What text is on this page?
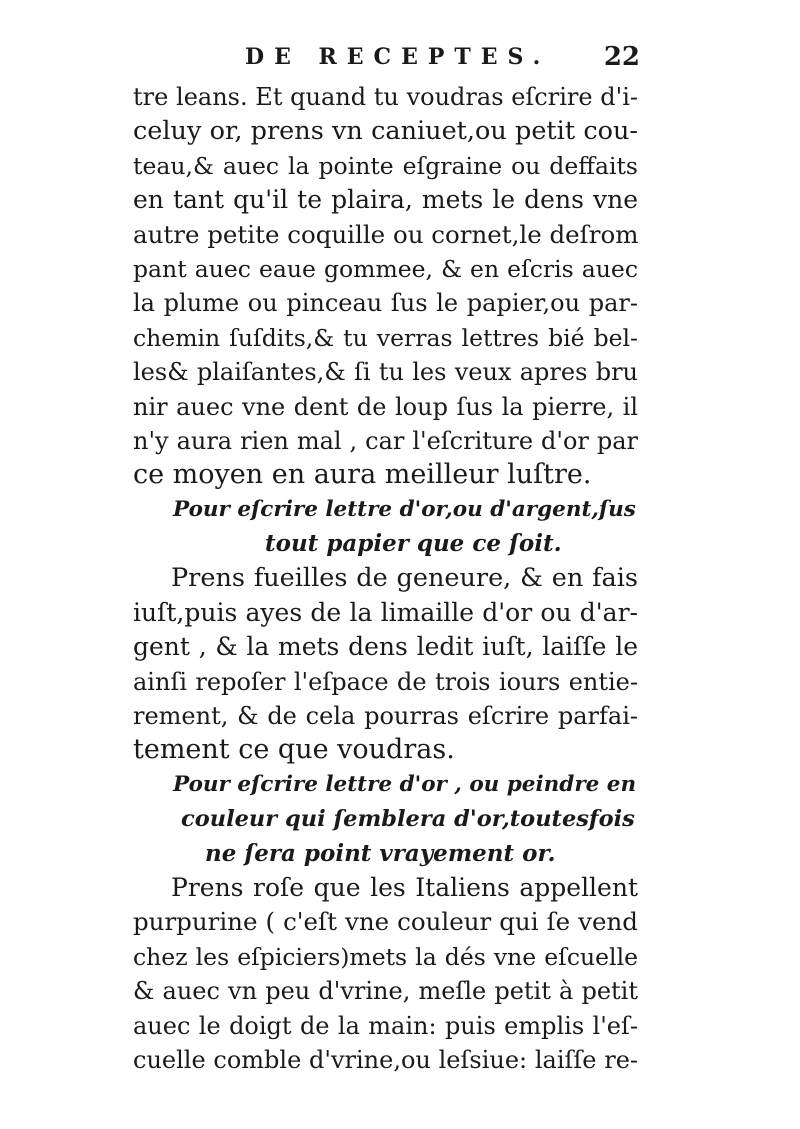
DE RECEPTES. 22
tre leans. Et quand tu voudras eſcrire d'i-
celuy or, prens vn caniuet,ou petit cou-
teau,& auec la pointe eſgraine ou deffaits
en tant qu'il te plaira, mets le dens vne
autre petite coquille ou cornet,le deſrom
pant auec eaue gommee, & en eſcris auec
la plume ou pinceau ſus le papier,ou par-
chemin ſuſdits,& tu verras lettres bié bel-
les& plaiſantes,& ſi tu les veux apres bru
nir auec vne dent de loup ſus la pierre, il
n'y aura rien mal , car l'eſcriture d'or par
ce moyen en aura meilleur luſtre.
Pour eſcrire lettre d'or,ou d'argent,ſus
tout papier que ce ſoit.
Prens fueilles de geneure, & en fais
iuſt,puis ayes de la limaille d'or ou d'ar-
gent , & la mets dens ledit iuſt, laiſſe le
ainſi repoſer l'eſpace de trois iours entie-
rement, & de cela pourras eſcrire parfai-
tement ce que voudras.
Pour eſcrire lettre d'or , ou peindre en
couleur qui ſemblera d'or,toutesfois
ne ſera point vrayement or.
Prens roſe que les Italiens appellent
purpurine ( c'eſt vne couleur qui ſe vend
chez les eſpiciers)mets la dés vne eſcuelle
& auec vn peu d'vrine, meſle petit à petit
auec le doigt de la main: puis emplis l'eſ-
cuelle comble d'vrine,ou leſsiue: laiſſe re-
